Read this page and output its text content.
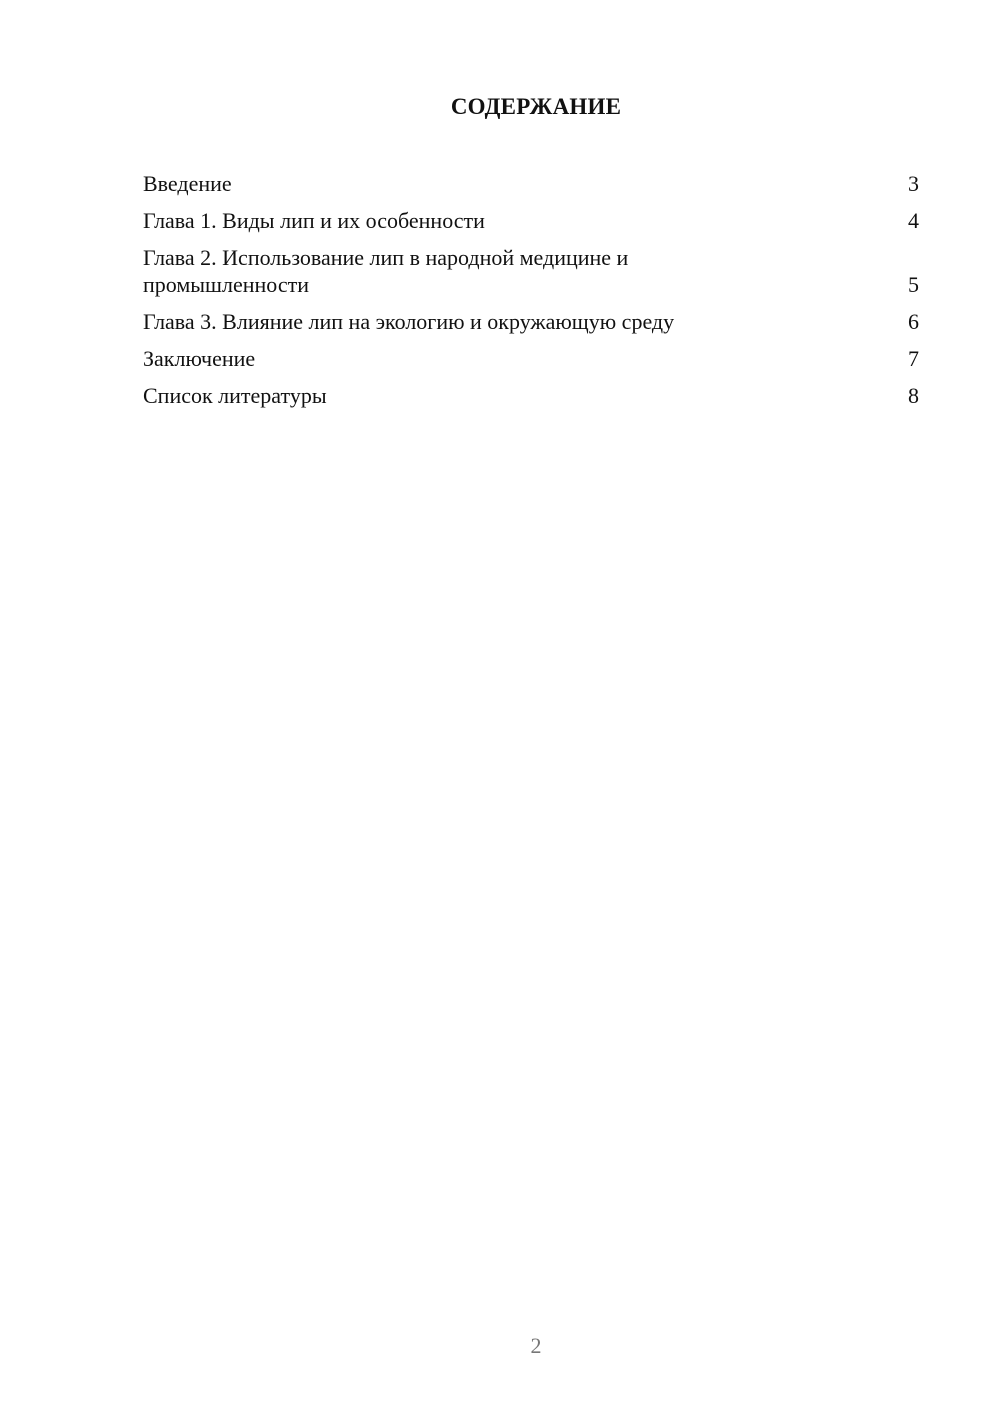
СОДЕРЖАНИЕ
Введение	3
Глава 1. Виды лип и их особенности	4
Глава 2. Использование лип в народной медицине и промышленности	5
Глава 3. Влияние лип на экологию и окружающую среду	6
Заключение	7
Список литературы	8
2
